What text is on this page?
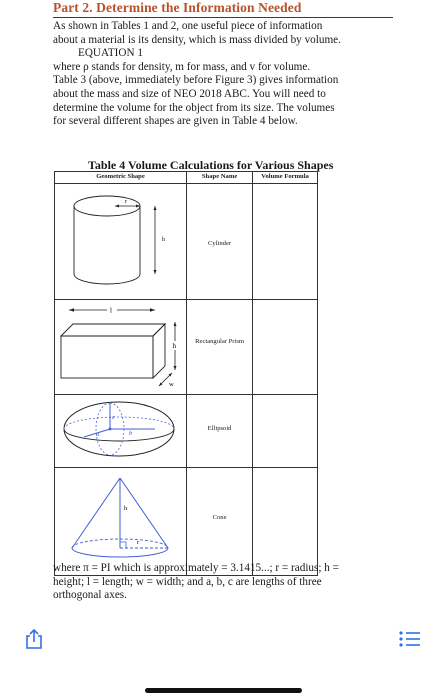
Part 2. Determine the Information Needed
As shown in Tables 1 and 2, one useful piece of information
about a material is its density, which is mass divided by volume.
EQUATION 1
where ρ stands for density, m for mass, and v for volume.
Table 3 (above, immediately before Figure 3) gives information
about the mass and size of NEO 2018 ABC. You will need to
determine the volume for the object from its size. The volumes
for several different shapes are given in Table 4 below.
Table 4 Volume Calculations for Various Shapes
Geometric Shape	Shape Name	Volume Formula

r
h	Cylinder	

l
h
w	Rectangular Prism	

c
a b	Ellipsoid	

h
r	Cone	

where π = PI which is approximately = 3.1415...; r = radius; h =
height; l = length; w = width; and a, b, c are lengths of three
orthogonal axes.
